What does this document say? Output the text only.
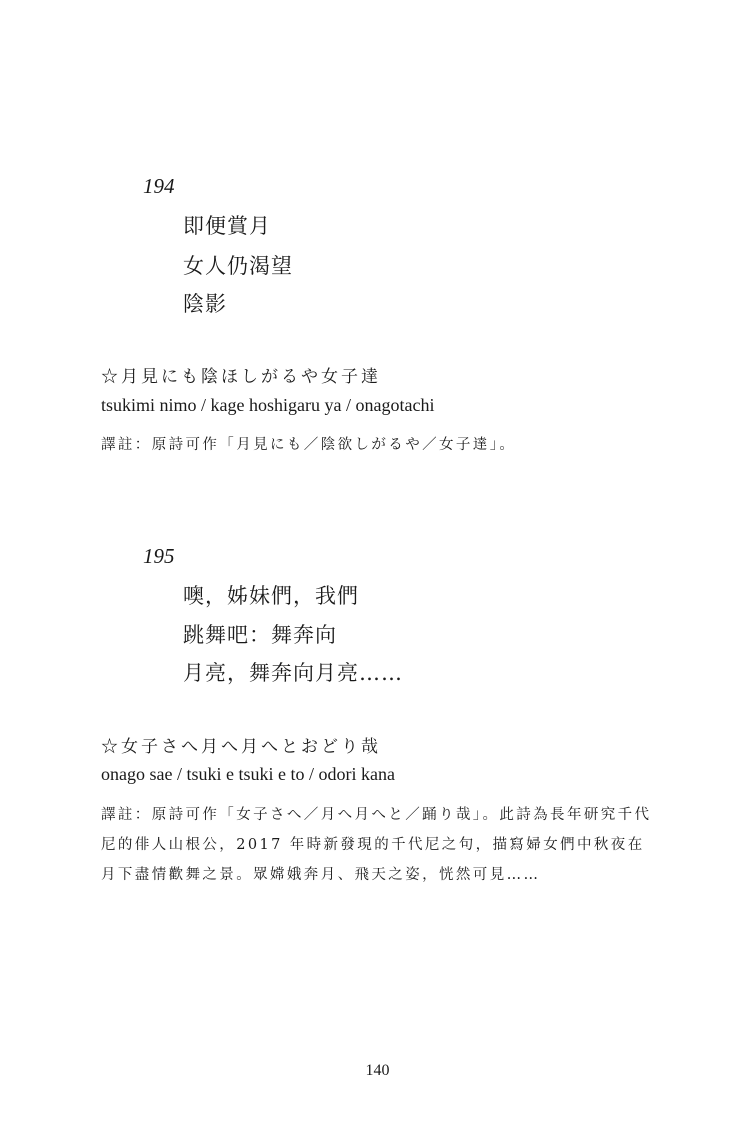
194
即便賞月
女人仍渴望
陰影
☆月見にも陰ほしがるや女子達
tsukimi nimo / kage hoshigaru ya / onagotachi
譯註：原詩可作「月見にも／陰欲しがるや／女子達」。
195
噢，姊妹們，我們
跳舞吧：舞奔向
月亮，舞奔向月亮……
☆女子さへ月へ月へとおどり哉
onago sae / tsuki e tsuki e to / odori kana
譯註：原詩可作「女子さへ／月へ月へと／踊り哉」。此詩為長年研究千代尼的俳人山根公，2017 年時新發現的千代尼之句，描寫婦女們中秋夜在月下盡情歡舞之景。眾嫦娥奔月、飛天之姿，恍然可見……
140
